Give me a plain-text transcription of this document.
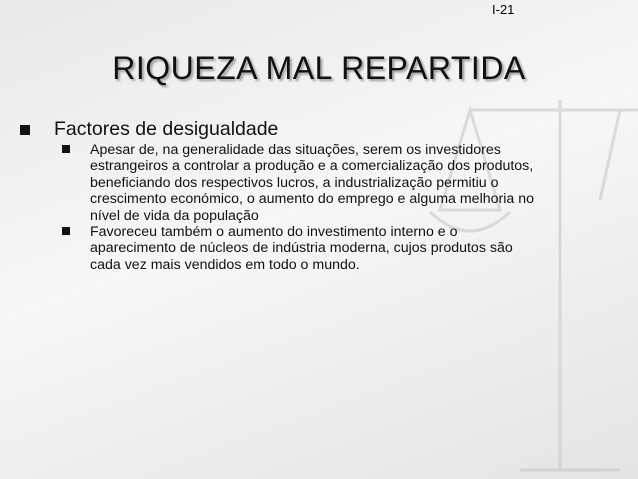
I-21
RIQUEZA MAL REPARTIDA
Factores de desigualdade
Apesar de, na generalidade das situações, serem os investidores
estrangeiros a controlar a produção e a comercialização dos produtos,
beneficiando dos respectivos lucros, a industrialização permitiu o
crescimento económico, o aumento do emprego e alguma melhoria no
nível de vida da população
Favoreceu também o aumento do investimento interno e o
aparecimento de núcleos de indústria moderna, cujos produtos são
cada vez mais vendidos em todo o mundo.
